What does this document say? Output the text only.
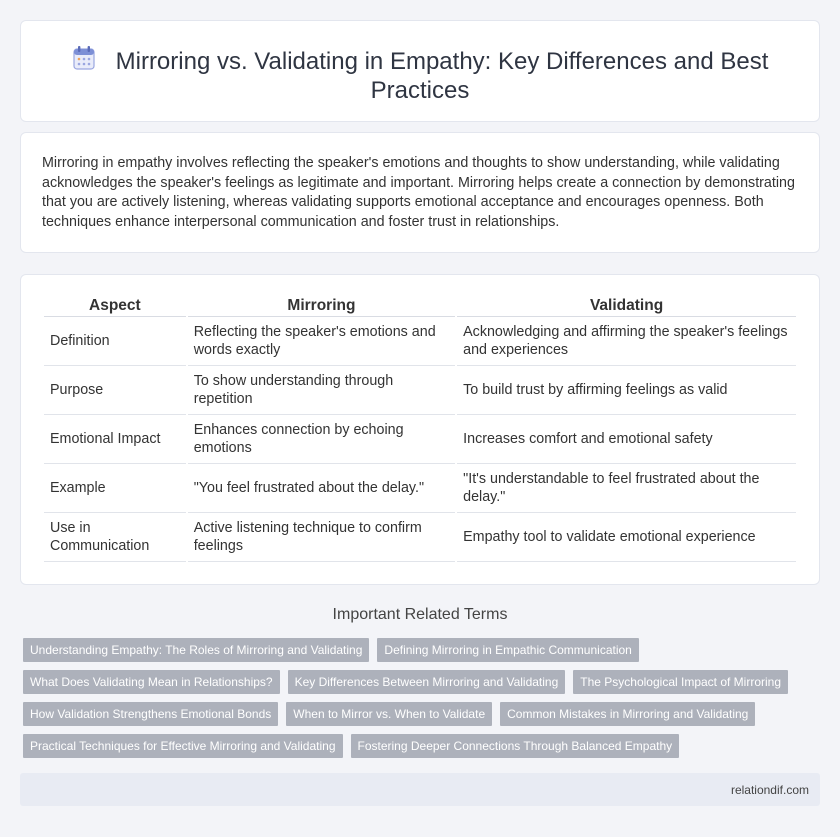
Mirroring vs. Validating in Empathy: Key Differences and Best Practices

Mirroring in empathy involves reflecting the speaker's emotions and thoughts to show understanding, while validating acknowledges the speaker's feelings as legitimate and important. Mirroring helps create a connection by demonstrating that you are actively listening, whereas validating supports emotional acceptance and encourages openness. Both techniques enhance interpersonal communication and foster trust in relationships.

Aspect	Mirroring	Validating
Definition	Reflecting the speaker's emotions and words exactly	Acknowledging and affirming the speaker's feelings and experiences
Purpose	To show understanding through repetition	To build trust by affirming feelings as valid
Emotional Impact	Enhances connection by echoing emotions	Increases comfort and emotional safety
Example	"You feel frustrated about the delay."	"It's understandable to feel frustrated about the delay."
Use in Communication	Active listening technique to confirm feelings	Empathy tool to validate emotional experience
Important Related Terms
Understanding Empathy: The Roles of Mirroring and Validating	Defining Mirroring in Empathic Communication
What Does Validating Mean in Relationships?	Key Differences Between Mirroring and Validating	The Psychological Impact of Mirroring
How Validation Strengthens Emotional Bonds	When to Mirror vs. When to Validate	Common Mistakes in Mirroring and Validating
Practical Techniques for Effective Mirroring and Validating	Fostering Deeper Connections Through Balanced Empathy
relationdif.com
